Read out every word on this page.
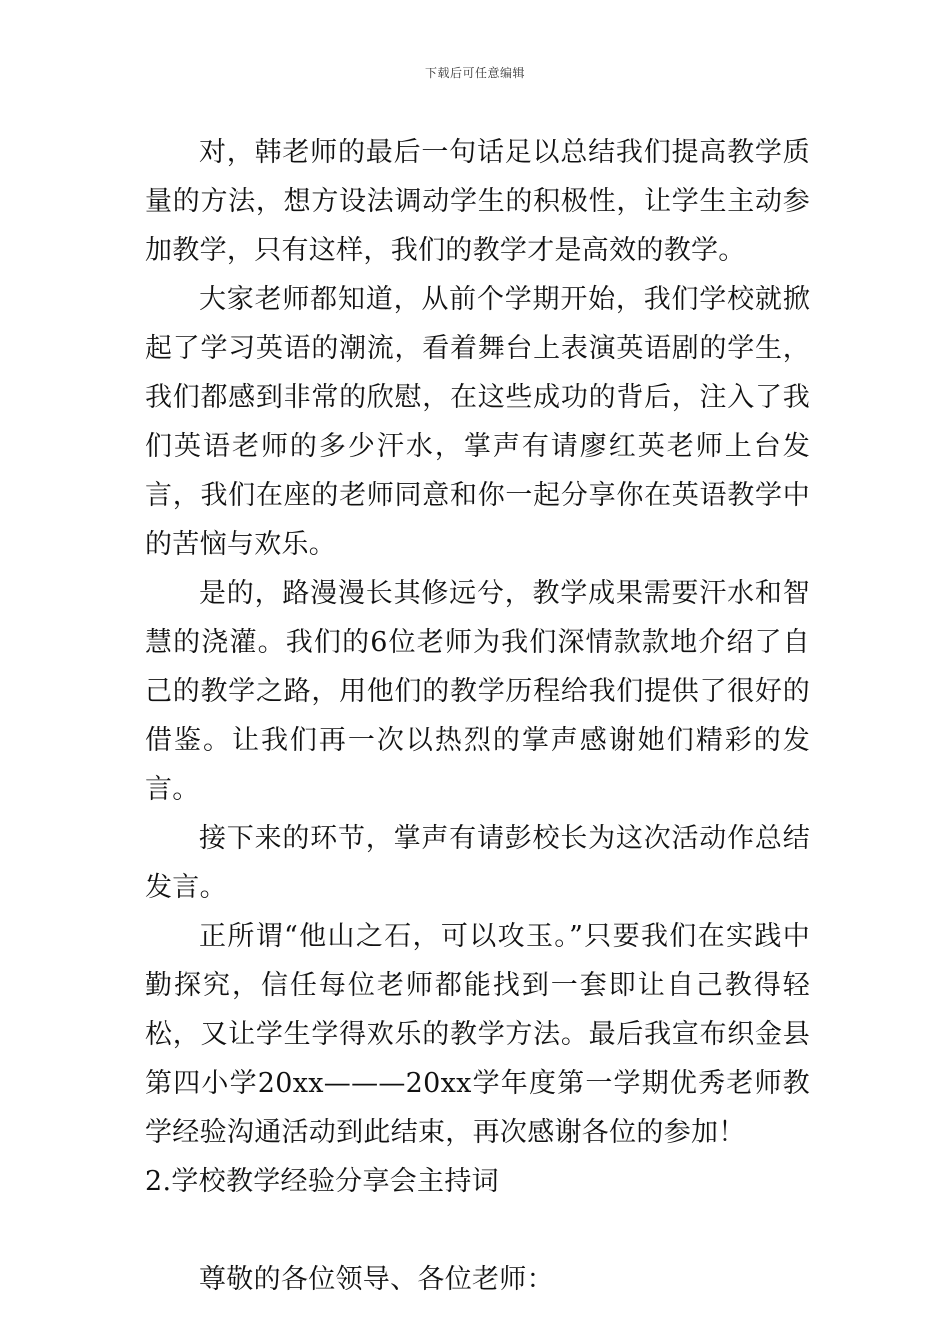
下载后可任意编辑

对，韩老师的最后一句话足以总结我们提高教学质量的方法，想方设法调动学生的积极性，让学生主动参加教学，只有这样，我们的教学才是高效的教学。

大家老师都知道，从前个学期开始，我们学校就掀起了学习英语的潮流，看着舞台上表演英语剧的学生，我们都感到非常的欣慰，在这些成功的背后，注入了我们英语老师的多少汗水，掌声有请廖红英老师上台发言，我们在座的老师同意和你一起分享你在英语教学中的苦恼与欢乐。

是的，路漫漫长其修远兮，教学成果需要汗水和智慧的浇灌。我们的6位老师为我们深情款款地介绍了自己的教学之路，用他们的教学历程给我们提供了很好的借鉴。让我们再一次以热烈的掌声感谢她们精彩的发言。

接下来的环节，掌声有请彭校长为这次活动作总结发言。

正所谓“他山之石，可以攻玉。”只要我们在实践中勤探究，信任每位老师都能找到一套即让自己教得轻松，又让学生学得欢乐的教学方法。最后我宣布织金县第四小学20xx———20xx学年度第一学期优秀老师教学经验沟通活动到此结束，再次感谢各位的参加！

2.学校教学经验分享会主持词

尊敬的各位领导、各位老师：
